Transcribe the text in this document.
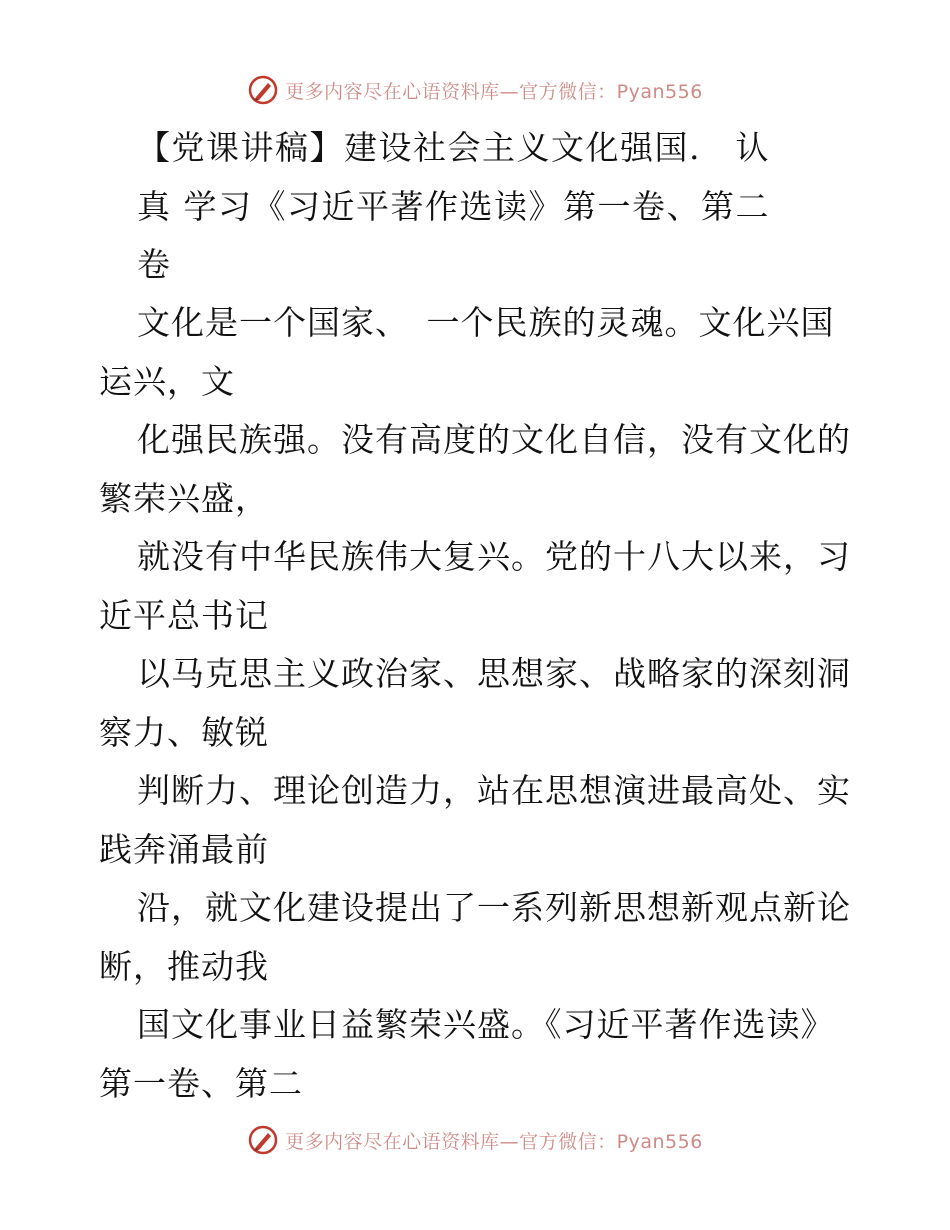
更多内容尽在心语资料库—官方微信：Pyan556
【党课讲稿】建设社会主义文化强国.　认
真 学习《习近平著作选读》第一卷、第二
卷
文化是一个国家、　一个民族的灵魂。文化兴国
运兴，文
化强民族强。没有高度的文化自信，没有文化的
繁荣兴盛，
就没有中华民族伟大复兴。党的十八大以来，习
近平总书记
以马克思主义政治家、思想家、战略家的深刻洞
察力、敏锐
判断力、理论创造力，站在思想演进最高处、实
践奔涌最前
沿，就文化建设提出了一系列新思想新观点新论
断，推动我
国文化事业日益繁荣兴盛。《习近平著作选读》
第一卷、第二
更多内容尽在心语资料库—官方微信：Pyan556
